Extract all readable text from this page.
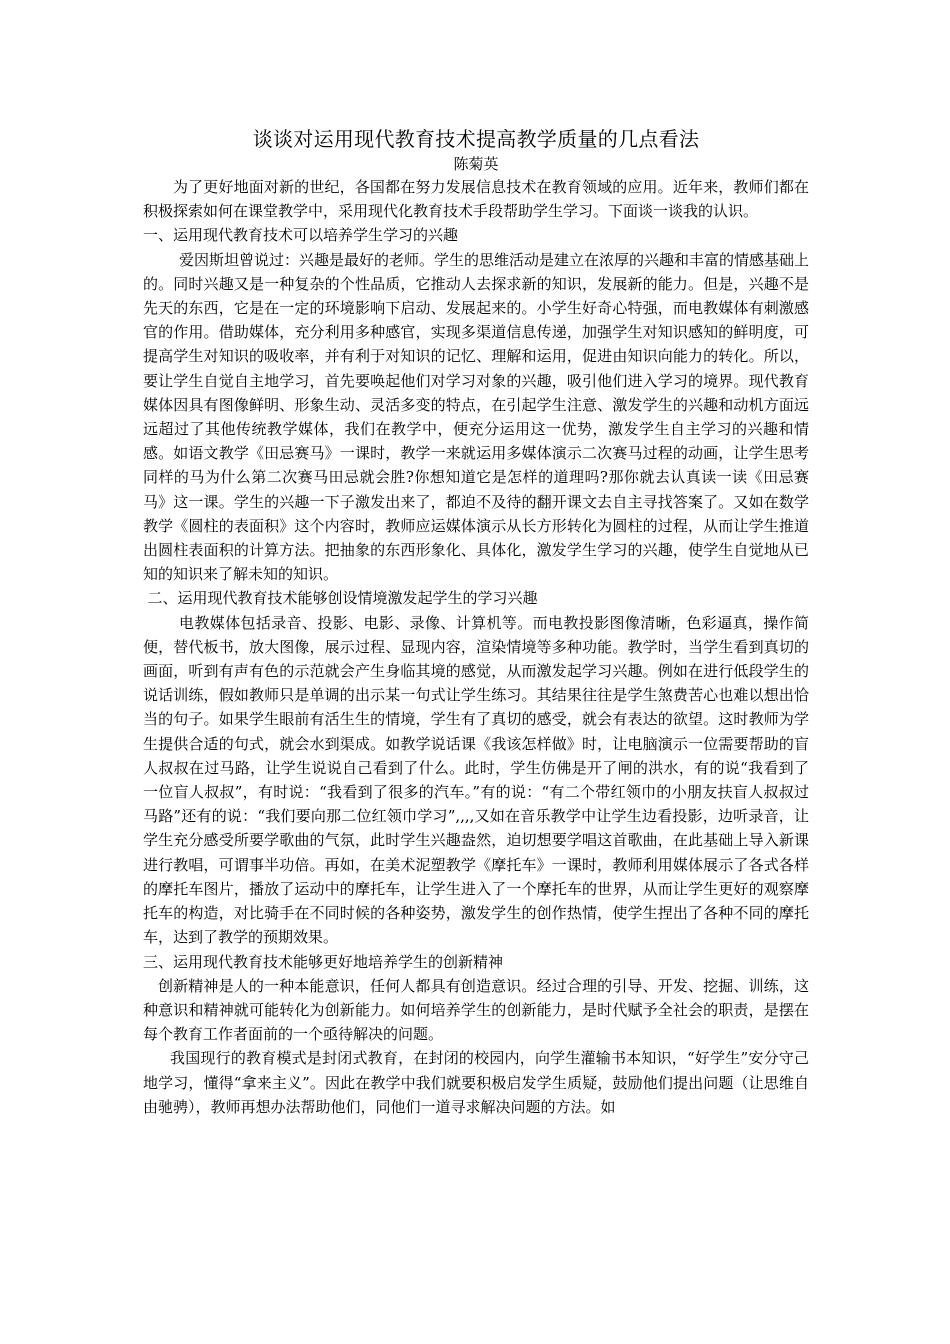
谈谈对运用现代教育技术提高教学质量的几点看法
陈菊英

为了更好地面对新的世纪，各国都在努力发展信息技术在教育领域的应用。近年来，教师们都在积极探索如何在课堂教学中，采用现代化教育技术手段帮助学生学习。下面谈一谈我的认识。

一、运用现代教育技术可以培养学生学习的兴趣

爱因斯坦曾说过：兴趣是最好的老师。学生的思维活动是建立在浓厚的兴趣和丰富的情感基础上的。同时兴趣又是一种复杂的个性品质，它推动人去探求新的知识，发展新的能力。但是，兴趣不是先天的东西，它是在一定的环境影响下启动、发展起来的。小学生好奇心特强，而电教媒体有刺激感官的作用。借助媒体，充分利用多种感官，实现多渠道信息传递，加强学生对知识感知的鲜明度，可提高学生对知识的吸收率，并有利于对知识的记忆、理解和运用，促进由知识向能力的转化。所以，要让学生自觉自主地学习，首先要唤起他们对学习对象的兴趣，吸引他们进入学习的境界。现代教育媒体因具有图像鲜明、形象生动、灵活多变的特点，在引起学生注意、激发学生的兴趣和动机方面远远超过了其他传统教学媒体，我们在教学中，便充分运用这一优势，激发学生自主学习的兴趣和情感。如语文教学《田忌赛马》一课时，教学一来就运用多媒体演示二次赛马过程的动画，让学生思考同样的马为什么第二次赛马田忌就会胜?你想知道它是怎样的道理吗?那你就去认真读一读《田忌赛马》这一课。学生的兴趣一下子激发出来了，都迫不及待的翻开课文去自主寻找答案了。又如在数学教学《圆柱的表面积》这个内容时，教师应运媒体演示从长方形转化为圆柱的过程，从而让学生推道出圆柱表面积的计算方法。把抽象的东西形象化、具体化，激发学生学习的兴趣，使学生自觉地从已知的知识来了解未知的知识。

二、运用现代教育技术能够创设情境激发起学生的学习兴趣

电教媒体包括录音、投影、电影、录像、计算机等。而电教投影图像清晰，色彩逼真，操作简便，替代板书，放大图像，展示过程、显现内容，渲染情境等多种功能。教学时，当学生看到真切的画面，听到有声有色的示范就会产生身临其境的感觉，从而激发起学习兴趣。例如在进行低段学生的说话训练，假如教师只是单调的出示某一句式让学生练习。其结果往往是学生煞费苦心也难以想出恰当的句子。如果学生眼前有活生生的情境，学生有了真切的感受，就会有表达的欲望。这时教师为学生提供合适的句式，就会水到渠成。如教学说话课《我该怎样做》时，让电脑演示一位需要帮助的盲人叔叔在过马路，让学生说说自己看到了什么。此时，学生仿佛是开了闸的洪水，有的说“我看到了一位盲人叔叔”，有时说：“我看到了很多的汽车。”有的说：“有二个带红领巾的小朋友扶盲人叔叔过马路”还有的说：“我们要向那二位红领巾学习”,,,,又如在音乐教学中让学生边看投影，边听录音，让学生充分感受所要学歌曲的气氛，此时学生兴趣盎然，迫切想要学唱这首歌曲，在此基础上导入新课进行教唱，可谓事半功倍。再如，在美术泥塑教学《摩托车》一课时，教师利用媒体展示了各式各样的摩托车图片，播放了运动中的摩托车，让学生进入了一个摩托车的世界，从而让学生更好的观察摩托车的构造，对比骑手在不同时候的各种姿势，激发学生的创作热情，使学生捏出了各种不同的摩托车，达到了教学的预期效果。

三、运用现代教育技术能够更好地培养学生的创新精神

创新精神是人的一种本能意识，任何人都具有创造意识。经过合理的引导、开发、挖掘、训练，这种意识和精神就可能转化为创新能力。如何培养学生的创新能力，是时代赋予全社会的职责，是摆在每个教育工作者面前的一个亟待解决的问题。

我国现行的教育模式是封闭式教育，在封闭的校园内，向学生灌输书本知识，“好学生”安分守己地学习，懂得“拿来主义”。因此在教学中我们就要积极启发学生质疑，鼓励他们提出问题（让思维自由驰骋），教师再想办法帮助他们，同他们一道寻求解决问题的方法。如
